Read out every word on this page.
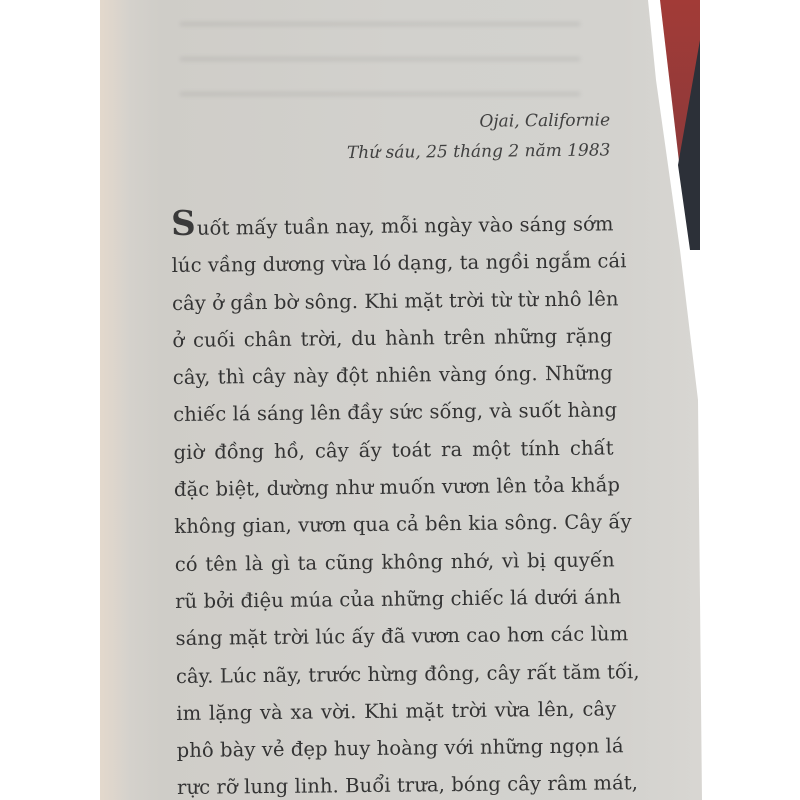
Ojai, Californie
Thứ sáu, 25 tháng 2 năm 1983
Suốt mấy tuần nay, mỗi ngày vào sáng sớm
lúc vầng dương vừa ló dạng, ta ngồi ngắm cái
cây ở gần bờ sông. Khi mặt trời từ từ nhô lên
ở cuối chân trời, du hành trên những rặng
cây, thì cây này đột nhiên vàng óng. Những
chiếc lá sáng lên đầy sức sống, và suốt hàng
giờ đồng hồ, cây ấy toát ra một tính chất
đặc biệt, dường như muốn vươn lên tỏa khắp
không gian, vươn qua cả bên kia sông. Cây ấy
có tên là gì ta cũng không nhớ, vì bị quyến
rũ bởi điệu múa của những chiếc lá dưới ánh
sáng mặt trời lúc ấy đã vươn cao hơn các lùm
cây. Lúc nãy, trước hừng đông, cây rất tăm tối,
im lặng và xa vời. Khi mặt trời vừa lên, cây
phô bày vẻ đẹp huy hoàng với những ngọn lá
rực rỡ lung linh. Buổi trưa, bóng cây râm mát,
